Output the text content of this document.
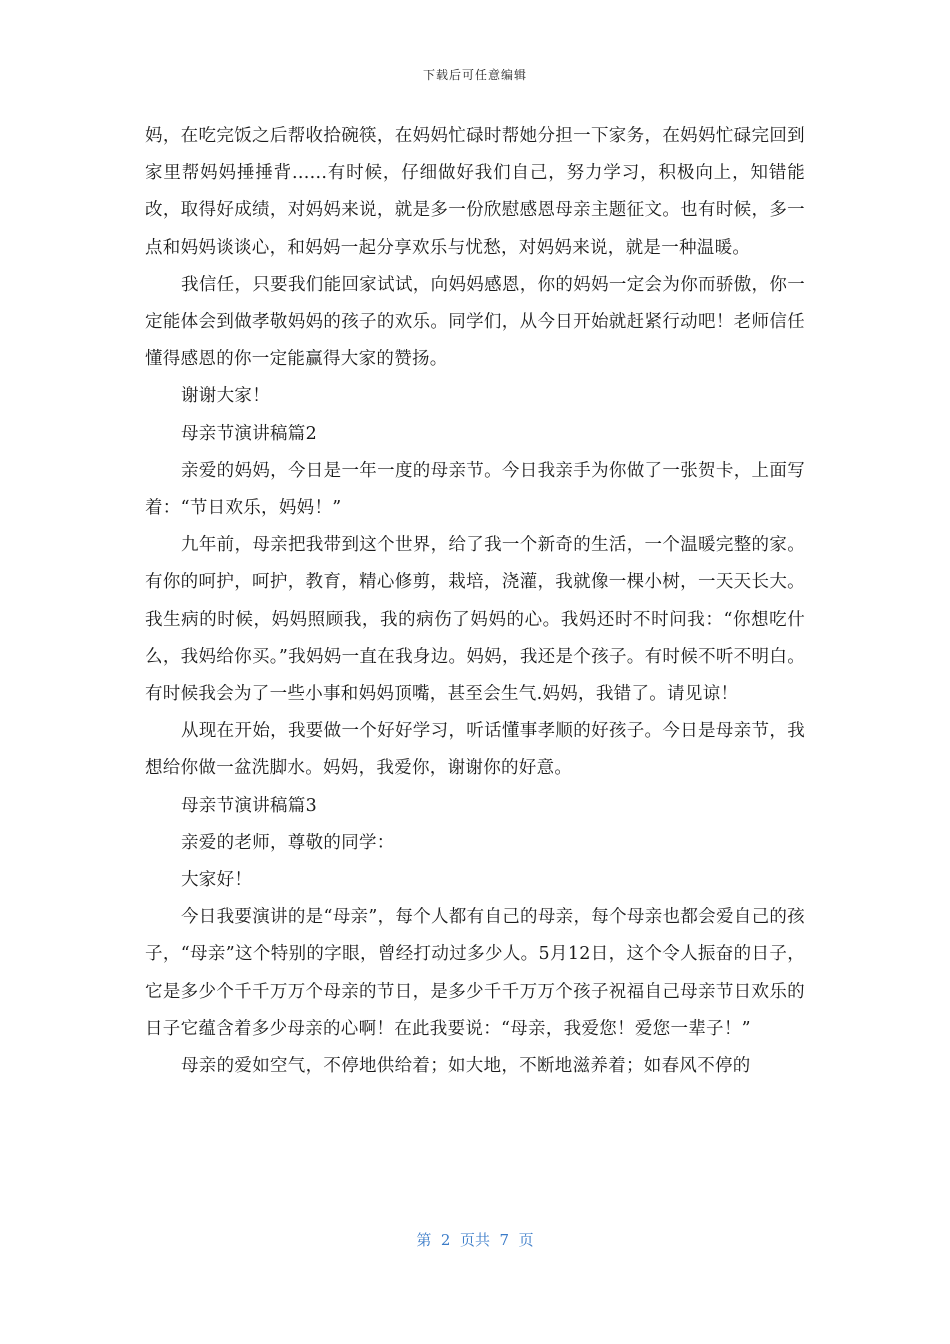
下载后可任意编辑

妈，在吃完饭之后帮收拾碗筷，在妈妈忙碌时帮她分担一下家务，在妈妈忙碌完回到家里帮妈妈捶捶背......有时候，仔细做好我们自己，努力学习，积极向上，知错能改，取得好成绩，对妈妈来说，就是多一份欣慰感恩母亲主题征文。也有时候，多一点和妈妈谈谈心，和妈妈一起分享欢乐与忧愁，对妈妈来说，就是一种温暖。

我信任，只要我们能回家试试，向妈妈感恩，你的妈妈一定会为你而骄傲，你一定能体会到做孝敬妈妈的孩子的欢乐。同学们，从今日开始就赶紧行动吧！老师信任懂得感恩的你一定能赢得大家的赞扬。

谢谢大家！

母亲节演讲稿篇2

亲爱的妈妈，今日是一年一度的母亲节。今日我亲手为你做了一张贺卡，上面写着：“节日欢乐，妈妈！”

九年前，母亲把我带到这个世界，给了我一个新奇的生活，一个温暖完整的家。有你的呵护，呵护，教育，精心修剪，栽培，浇灌，我就像一棵小树，一天天长大。我生病的时候，妈妈照顾我，我的病伤了妈妈的心。我妈还时不时问我：“你想吃什么，我妈给你买。”我妈妈一直在我身边。妈妈，我还是个孩子。有时候不听不明白。有时候我会为了一些小事和妈妈顶嘴，甚至会生气.妈妈，我错了。请见谅！

从现在开始，我要做一个好好学习，听话懂事孝顺的好孩子。今日是母亲节，我想给你做一盆洗脚水。妈妈，我爱你，谢谢你的好意。

母亲节演讲稿篇3

亲爱的老师，尊敬的同学：

大家好！

今日我要演讲的是“母亲”，每个人都有自己的母亲，每个母亲也都会爱自己的孩子，“母亲”这个特别的字眼，曾经打动过多少人。5月12日，这个令人振奋的日子，它是多少个千千万万个母亲的节日，是多少千千万万个孩子祝福自己母亲节日欢乐的日子它蕴含着多少母亲的心啊！在此我要说：“母亲，我爱您！爱您一辈子！”

母亲的爱如空气，不停地供给着；如大地，不断地滋养着；如春风不停的

第  2  页共  7  页
